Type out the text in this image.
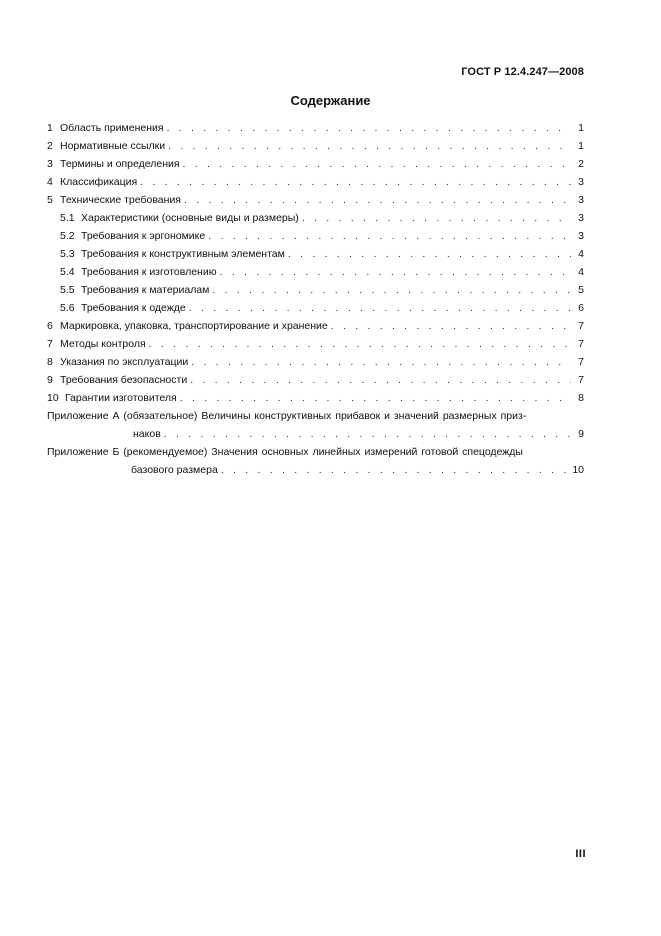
ГОСТ Р 12.4.247—2008
Содержание
1 Область применения . . .	1
2 Нормативные ссылки . . .	1
3 Термины и определения . . .	2
4 Классификация . . .	3
5 Технические требования . . .	3
5.1 Характеристики (основные виды и размеры) . . .	3
5.2 Требования к эргономике . . .	3
5.3 Требования к конструктивным элементам . . .	4
5.4 Требования к изготовлению . . .	4
5.5 Требования к материалам . . .	5
5.6 Требования к одежде . . .	6
6 Маркировка, упаковка, транспортирование и хранение . . .	7
7 Методы контроля . . .	7
8 Указания по эксплуатации . . .	7
9 Требования безопасности . . .	7
10 Гарантии изготовителя . . .	8
Приложение А (обязательное) Величины конструктивных прибавок и значений размерных приз-
наков . . .	9
Приложение Б (рекомендуемое) Значения основных линейных измерений готовой спецодежды
базового размера . . .	10
III
